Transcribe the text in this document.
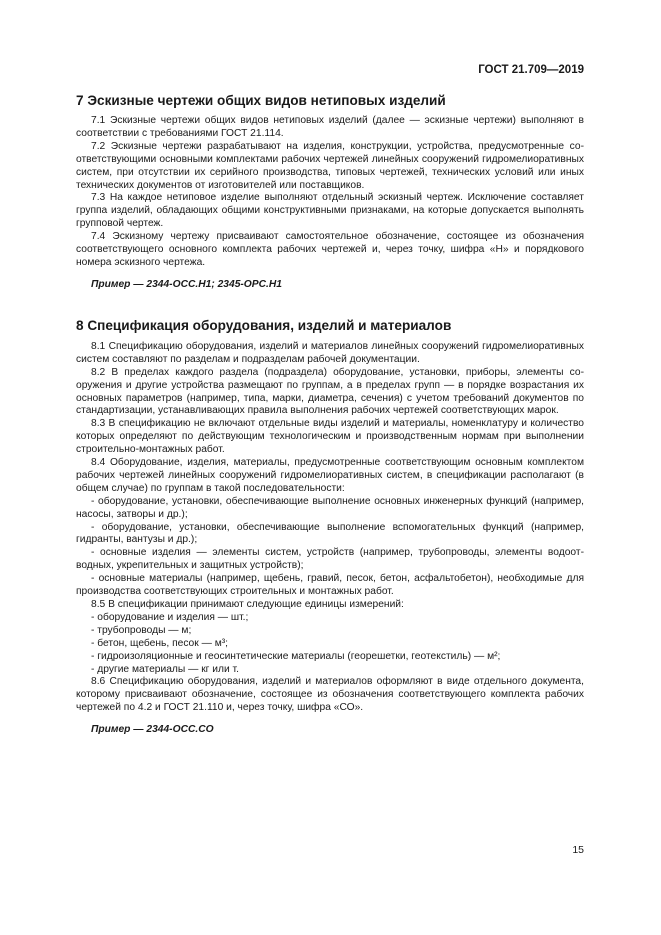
ГОСТ 21.709—2019
7 Эскизные чертежи общих видов нетиповых изделий

7.1 Эскизные чертежи общих видов нетиповых изделий (далее — эскизные чертежи) выполняют в соответствии с требованиями ГОСТ 21.114.

7.2 Эскизные чертежи разрабатывают на изделия, конструкции, устройства, предусмотренные соответствующими основными комплектами рабочих чертежей линейных сооружений гидромелиоративных систем, при отсутствии их серийного производства, типовых чертежей, технических условий или иных технических документов от изготовителей или поставщиков.

7.3 На каждое нетиповое изделие выполняют отдельный эскизный чертеж. Исключение составляет группа изделий, обладающих общими конструктивными признаками, на которые допускается выполнять групповой чертеж.

7.4 Эскизному чертежу присваивают самостоятельное обозначение, состоящее из обозначения соответствующего основного комплекта рабочих чертежей и, через точку, шифра «Н» и порядкового номера эскизного чертежа.

Пример — 2344-ОСС.Н1; 2345-ОРС.Н1

8 Спецификация оборудования, изделий и материалов

8.1 Спецификацию оборудования, изделий и материалов линейных сооружений гидромелиоративных систем составляют по разделам и подразделам рабочей документации.

8.2 В пределах каждого раздела (подраздела) оборудование, установки, приборы, элементы сооружения и другие устройства размещают по группам, а в пределах групп — в порядке возрастания их основных параметров (например, типа, марки, диаметра, сечения) с учетом требований документов по стандартизации, устанавливающих правила выполнения рабочих чертежей соответствующих марок.

8.3 В спецификацию не включают отдельные виды изделий и материалы, номенклатуру и количество которых определяют по действующим технологическим и производственным нормам при выполнении строительно-монтажных работ.

8.4 Оборудование, изделия, материалы, предусмотренные соответствующим основным комплектом рабочих чертежей линейных сооружений гидромелиоративных систем, в спецификации располагают (в общем случае) по группам в такой последовательности:

- оборудование, установки, обеспечивающие выполнение основных инженерных функций (например, насосы, затворы и др.);

- оборудование, установки, обеспечивающие выполнение вспомогательных функций (например, гидранты, вантузы и др.);

- основные изделия — элементы систем, устройств (например, трубопроводы, элементы водоотводных, укрепительных и защитных устройств);

- основные материалы (например, щебень, гравий, песок, бетон, асфальтобетон), необходимые для производства соответствующих строительных и монтажных работ.

8.5 В спецификации принимают следующие единицы измерений:

- оборудование и изделия — шт.;

- трубопроводы — м;

- бетон, щебень, песок — м³;

- гидроизоляционные и геосинтетические материалы (георешетки, геотекстиль) — м²;

- другие материалы — кг или т.

8.6 Спецификацию оборудования, изделий и материалов оформляют в виде отдельного документа, которому присваивают обозначение, состоящее из обозначения соответствующего комплекта рабочих чертежей по 4.2 и ГОСТ 21.110 и, через точку, шифра «СО».

Пример — 2344-ОСС.СО

15
